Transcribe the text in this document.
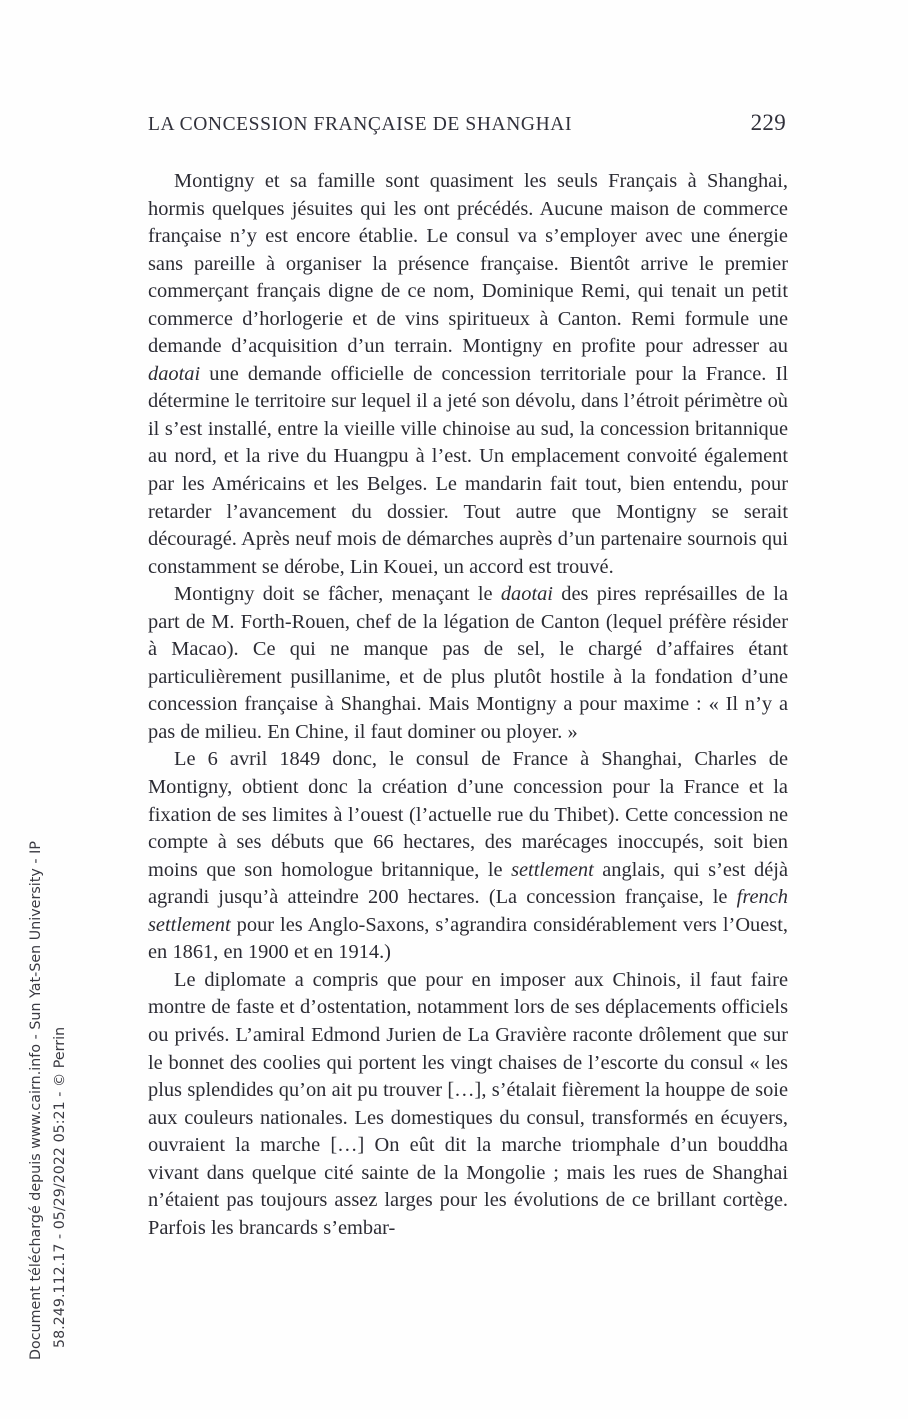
LA CONCESSION FRANÇAISE DE SHANGHAI	229

Montigny et sa famille sont quasiment les seuls Français à Shanghai, hormis quelques jésuites qui les ont précédés. Aucune maison de commerce française n’y est encore établie. Le consul va s’employer avec une énergie sans pareille à organiser la présence française. Bientôt arrive le premier commerçant français digne de ce nom, Dominique Remi, qui tenait un petit commerce d’horlogerie et de vins spiritueux à Canton. Remi formule une demande d’acquisition d’un terrain. Montigny en profite pour adresser au daotai une demande officielle de concession territoriale pour la France. Il détermine le territoire sur lequel il a jeté son dévolu, dans l’étroit périmètre où il s’est installé, entre la vieille ville chinoise au sud, la concession britannique au nord, et la rive du Huangpu à l’est. Un emplacement convoité également par les Américains et les Belges. Le mandarin fait tout, bien entendu, pour retarder l’avancement du dossier. Tout autre que Montigny se serait découragé. Après neuf mois de démarches auprès d’un partenaire sournois qui constamment se dérobe, Lin Kouei, un accord est trouvé.

Montigny doit se fâcher, menaçant le daotai des pires représailles de la part de M. Forth-Rouen, chef de la légation de Canton (lequel préfère résider à Macao). Ce qui ne manque pas de sel, le chargé d’affaires étant particulièrement pusillanime, et de plus plutôt hostile à la fondation d’une concession française à Shanghai. Mais Montigny a pour maxime : « Il n’y a pas de milieu. En Chine, il faut dominer ou ployer. »

Le 6 avril 1849 donc, le consul de France à Shanghai, Charles de Montigny, obtient donc la création d’une concession pour la France et la fixation de ses limites à l’ouest (l’actuelle rue du Thibet). Cette concession ne compte à ses débuts que 66 hectares, des marécages inoccupés, soit bien moins que son homologue britannique, le settlement anglais, qui s’est déjà agrandi jusqu’à atteindre 200 hectares. (La concession française, le french settlement pour les Anglo-Saxons, s’agrandira considérablement vers l’Ouest, en 1861, en 1900 et en 1914.)

Le diplomate a compris que pour en imposer aux Chinois, il faut faire montre de faste et d’ostentation, notamment lors de ses déplacements officiels ou privés. L’amiral Edmond Jurien de La Gravière raconte drôlement que sur le bonnet des coolies qui portent les vingt chaises de l’escorte du consul « les plus splendides qu’on ait pu trouver […], s’étalait fièrement la houppe de soie aux couleurs nationales. Les domestiques du consul, transformés en écuyers, ouvraient la marche […] On eût dit la marche triomphale d’un bouddha vivant dans quelque cité sainte de la Mongolie ; mais les rues de Shanghai n’étaient pas toujours assez larges pour les évolutions de ce brillant cortège. Parfois les brancards s’embar-

Document téléchargé depuis www.cairn.info - Sun Yat-Sen University - IP 58.249.112.17 - 05/29/2022 05:21 - © Perrin
